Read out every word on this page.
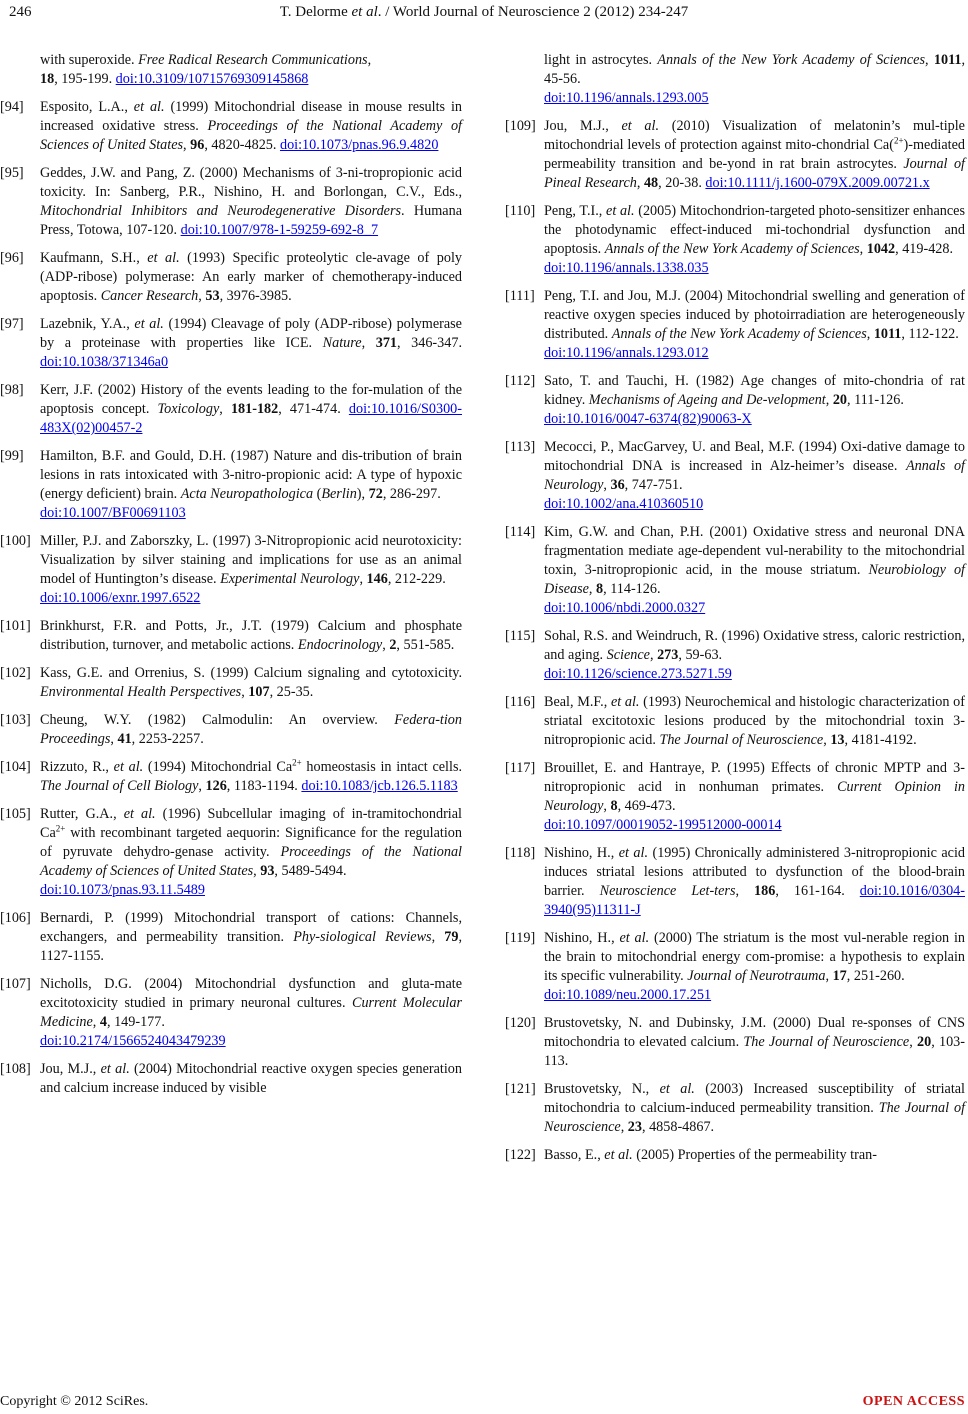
246	T. Delorme et al. / World Journal of Neuroscience 2 (2012) 234-247
with superoxide. Free Radical Research Communications,
18, 195-199. doi:10.3109/10715769309145868
[94] Esposito, L.A., et al. (1999) Mitochondrial disease in mouse results in increased oxidative stress. Proceedings of the National Academy of Sciences of United States, 96, 4820-4825. doi:10.1073/pnas.96.9.4820
[95] Geddes, J.W. and Pang, Z. (2000) Mechanisms of 3-ni-tropropionic acid toxicity. In: Sanberg, P.R., Nishino, H. and Borlongan, C.V., Eds., Mitochondrial Inhibitors and Neurodegenerative Disorders. Humana Press, Totowa, 107-120. doi:10.1007/978-1-59259-692-8_7
[96] Kaufmann, S.H., et al. (1993) Specific proteolytic cle-avage of poly (ADP-ribose) polymerase: An early marker of chemotherapy-induced apoptosis. Cancer Research, 53, 3976-3985.
[97] Lazebnik, Y.A., et al. (1994) Cleavage of poly (ADP-ribose) polymerase by a proteinase with properties like ICE. Nature, 371, 346-347. doi:10.1038/371346a0
[98] Kerr, J.F. (2002) History of the events leading to the for-mulation of the apoptosis concept. Toxicology, 181-182, 471-474. doi:10.1016/S0300-483X(02)00457-2
[99] Hamilton, B.F. and Gould, D.H. (1987) Nature and dis-tribution of brain lesions in rats intoxicated with 3-nitro-propionic acid: A type of hypoxic (energy deficient) brain. Acta Neuropathologica (Berlin), 72, 286-297.
doi:10.1007/BF00691103
[100] Miller, P.J. and Zaborszky, L. (1997) 3-Nitropropionic acid neurotoxicity: Visualization by silver staining and implications for use as an animal model of Huntington’s disease. Experimental Neurology, 146, 212-229.
doi:10.1006/exnr.1997.6522
[101] Brinkhurst, F.R. and Potts, Jr., J.T. (1979) Calcium and phosphate distribution, turnover, and metabolic actions. Endocrinology, 2, 551-585.
[102] Kass, G.E. and Orrenius, S. (1999) Calcium signaling and cytotoxicity. Environmental Health Perspectives, 107, 25-35.
[103] Cheung, W.Y. (1982) Calmodulin: An overview. Federa-tion Proceedings, 41, 2253-2257.
[104] Rizzuto, R., et al. (1994) Mitochondrial $Ca^{2+}$ homeostasis in intact cells. The Journal of Cell Biology, 126, 1183-1194. doi:10.1083/jcb.126.5.1183
[105] Rutter, G.A., et al. (1996) Subcellular imaging of in-tramitochondrial $Ca^{2+}$ with recombinant targeted aequorin: Significance for the regulation of pyruvate dehydro-genase activity. Proceedings of the National Academy of Sciences of United States, 93, 5489-5494.
doi:10.1073/pnas.93.11.5489
[106] Bernardi, P. (1999) Mitochondrial transport of cations: Channels, exchangers, and permeability transition. Phy-siological Reviews, 79, 1127-1155.
[107] Nicholls, D.G. (2004) Mitochondrial dysfunction and gluta-mate excitotoxicity studied in primary neuronal cultures. Current Molecular Medicine, 4, 149-177.
doi:10.2174/1566524043479239
[108] Jou, M.J., et al. (2004) Mitochondrial reactive oxygen species generation and calcium increase induced by visible
light in astrocytes. Annals of the New York Academy of Sciences, 1011, 45-56.
doi:10.1196/annals.1293.005
[109] Jou, M.J., et al. (2010) Visualization of melatonin’s mul-tiple mitochondrial levels of protection against mito-chondrial Ca($^{2+}$)-mediated permeability transition and be-yond in rat brain astrocytes. Journal of Pineal Research, 48, 20-38. doi:10.1111/j.1600-079X.2009.00721.x
[110] Peng, T.I., et al. (2005) Mitochondrion-targeted photo-sensitizer enhances the photodynamic effect-induced mi-tochondrial dysfunction and apoptosis. Annals of the New York Academy of Sciences, 1042, 419-428.
doi:10.1196/annals.1338.035
[111] Peng, T.I. and Jou, M.J. (2004) Mitochondrial swelling and generation of reactive oxygen species induced by photoirradiation are heterogeneously distributed. Annals of the New York Academy of Sciences, 1011, 112-122.
doi:10.1196/annals.1293.012
[112] Sato, T. and Tauchi, H. (1982) Age changes of mito-chondria of rat kidney. Mechanisms of Ageing and De-velopment, 20, 111-126.
doi:10.1016/0047-6374(82)90063-X
[113] Mecocci, P., MacGarvey, U. and Beal, M.F. (1994) Oxi-dative damage to mitochondrial DNA is increased in Alz-heimer’s disease. Annals of Neurology, 36, 747-751.
doi:10.1002/ana.410360510
[114] Kim, G.W. and Chan, P.H. (2001) Oxidative stress and neuronal DNA fragmentation mediate age-dependent vul-nerability to the mitochondrial toxin, 3-nitropropionic acid, in the mouse striatum. Neurobiology of Disease, 8, 114-126.
doi:10.1006/nbdi.2000.0327
[115] Sohal, R.S. and Weindruch, R. (1996) Oxidative stress, caloric restriction, and aging. Science, 273, 59-63.
doi:10.1126/science.273.5271.59
[116] Beal, M.F., et al. (1993) Neurochemical and histologic characterization of striatal excitotoxic lesions produced by the mitochondrial toxin 3-nitropropionic acid. The Journal of Neuroscience, 13, 4181-4192.
[117] Brouillet, E. and Hantraye, P. (1995) Effects of chronic MPTP and 3-nitropropionic acid in nonhuman primates. Current Opinion in Neurology, 8, 469-473.
doi:10.1097/00019052-199512000-00014
[118] Nishino, H., et al. (1995) Chronically administered 3-nitropropionic acid induces striatal lesions attributed to dysfunction of the blood-brain barrier. Neuroscience Let-ters, 186, 161-164. doi:10.1016/0304-3940(95)11311-J
[119] Nishino, H., et al. (2000) The striatum is the most vul-nerable region in the brain to mitochondrial energy com-promise: a hypothesis to explain its specific vulnerability. Journal of Neurotrauma, 17, 251-260.
doi:10.1089/neu.2000.17.251
[120] Brustovetsky, N. and Dubinsky, J.M. (2000) Dual re-sponses of CNS mitochondria to elevated calcium. The Journal of Neuroscience, 20, 103-113.
[121] Brustovetsky, N., et al. (2003) Increased susceptibility of striatal mitochondria to calcium-induced permeability transition. The Journal of Neuroscience, 23, 4858-4867.
[122] Basso, E., et al. (2005) Properties of the permeability tran-
Copyright © 2012 SciRes.	OPEN ACCESS
